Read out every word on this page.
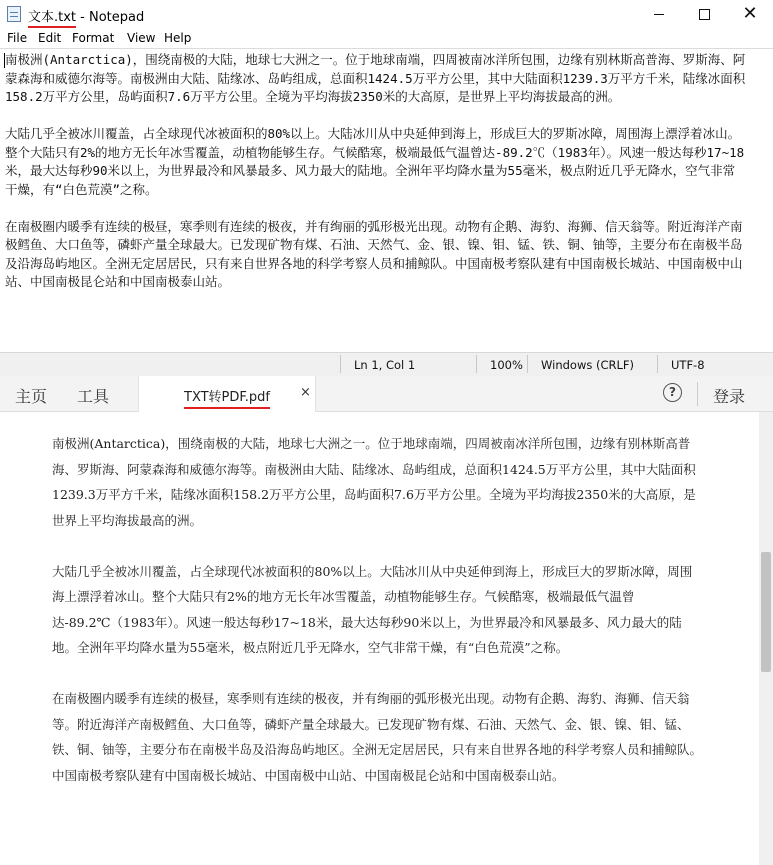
文本.txt - Notepad	✕
File Edit Format View Help
南极洲(Antarctica)，围绕南极的大陆，地球七大洲之一。位于地球南端，四周被南冰洋所包围，边缘有别林斯高普海、罗斯海、阿蒙森海和威德尔海等。南极洲由大陆、陆缘冰、岛屿组成，总面积1424.5万平方公里，其中大陆面积1239.3万平方千米，陆缘冰面积158.2万平方公里，岛屿面积7.6万平方公里。全境为平均海拔2350米的大高原，是世界上平均海拔最高的洲。

大陆几乎全被冰川覆盖，占全球现代冰被面积的80%以上。大陆冰川从中央延伸到海上，形成巨大的罗斯冰障，周围海上漂浮着冰山。整个大陆只有2%的地方无长年冰雪覆盖，动植物能够生存。气候酷寒，极端最低气温曾达-89.2℃（1983年）。风速一般达每秒17~18米，最大达每秒90米以上，为世界最冷和风暴最多、风力最大的陆地。全洲年平均降水量为55毫米，极点附近几乎无降水，空气非常干燥，有“白色荒漠”之称。

在南极圈内暖季有连续的极昼，寒季则有连续的极夜，并有绚丽的弧形极光出现。动物有企鹅、海豹、海狮、信天翁等。附近海洋产南极鳕鱼、大口鱼等，磷虾产量全球最大。已发现矿物有煤、石油、天然气、金、银、镍、钼、锰、铁、铜、铀等，主要分布在南极半岛及沿海岛屿地区。全洲无定居居民，只有来自世界各地的科学考察人员和捕鲸队。中国南极考察队建有中国南极长城站、中国南极中山站、中国南极昆仑站和中国南极泰山站。
Ln 1, Col 1	100% Windows (CRLF)	UTF-8
主页 工具	TXT转PDF.pdf ×	?	登录

南极洲(Antarctica)，围绕南极的大陆，地球七大洲之一。位于地球南端，四周被南冰洋所包围，边缘有别林斯高普海、罗斯海、阿蒙森海和威德尔海等。南极洲由大陆、陆缘冰、岛屿组成，总面积1424.5万平方公里，其中大陆面积1239.3万平方千米，陆缘冰面积158.2万平方公里，岛屿面积7.6万平方公里。全境为平均海拔2350米的大高原，是世界上平均海拔最高的洲。

大陆几乎全被冰川覆盖，占全球现代冰被面积的80%以上。大陆冰川从中央延伸到海上，形成巨大的罗斯冰障，周围海上漂浮着冰山。整个大陆只有2%的地方无长年冰雪覆盖，动植物能够生存。气候酷寒，极端最低气温曾达-89.2℃（1983年）。风速一般达每秒17~18米，最大达每秒90米以上，为世界最冷和风暴最多、风力最大的陆地。全洲年平均降水量为55毫米，极点附近几乎无降水，空气非常干燥，有“白色荒漠”之称。

在南极圈内暖季有连续的极昼，寒季则有连续的极夜，并有绚丽的弧形极光出现。动物有企鹅、海豹、海狮、信天翁等。附近海洋产南极鳕鱼、大口鱼等，磷虾产量全球最大。已发现矿物有煤、石油、天然气、金、银、镍、钼、锰、铁、铜、铀等，主要分布在南极半岛及沿海岛屿地区。全洲无定居居民，只有来自世界各地的科学考察人员和捕鲸队。中国南极考察队建有中国南极长城站、中国南极中山站、中国南极昆仑站和中国南极泰山站。
